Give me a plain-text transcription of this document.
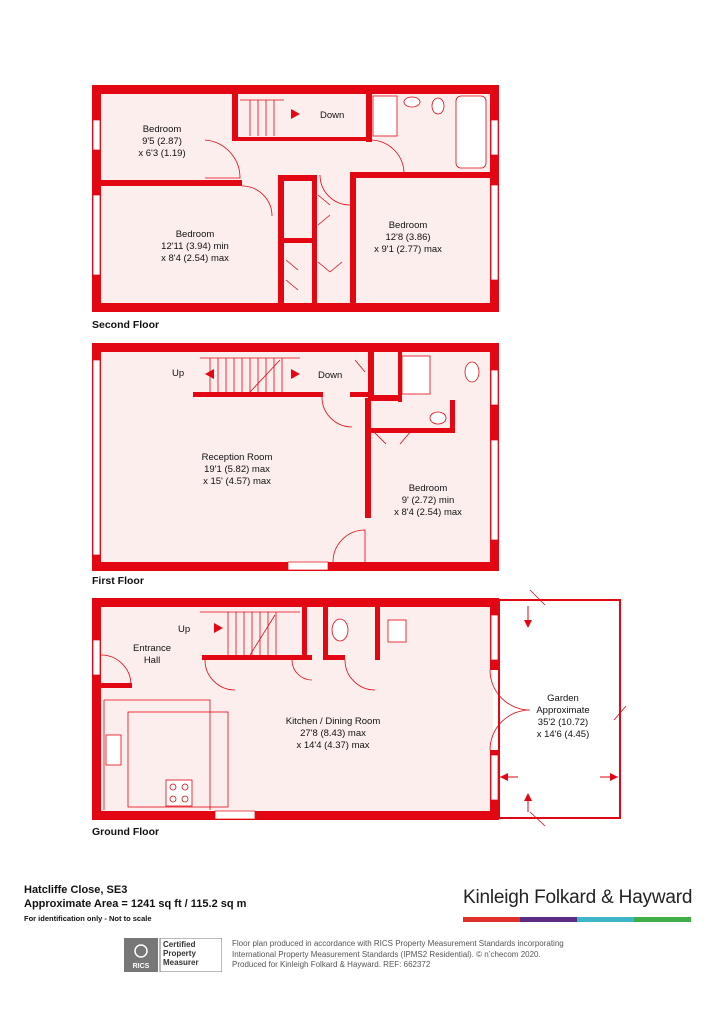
Down
Bedroom
9'5 (2.87)
x 6'3 (1.19)
Bedroom
12'11 (3.94) min
x 8'4 (2.54) max
Bedroom
12'8 (3.86)
x 9'1 (2.77) max
Second Floor
Up	Down
Reception Room
19'1 (5.82) max
x 15' (4.57) max
Bedroom
9' (2.72) min
x 8'4 (2.54) max
First Floor
Up
Entrance
Hall
Kitchen / Dining Room
27'8 (8.43) max
x 14'4 (4.37) max
Garden
Approximate
35'2 (10.72)
x 14'6 (4.45)
Ground Floor
Hatcliffe Close, SE3
Approximate Area = 1241 sq ft / 115.2 sq m
For identification only - Not to scale
Kinleigh Folkard & Hayward
RICS
Certified
Property
Measurer
Floor plan produced in accordance with RICS Property Measurement Standards incorporating
International Property Measurement Standards (IPMS2 Residential). © n’checom 2020.
Produced for Kinleigh Folkard & Hayward. REF: 662372
